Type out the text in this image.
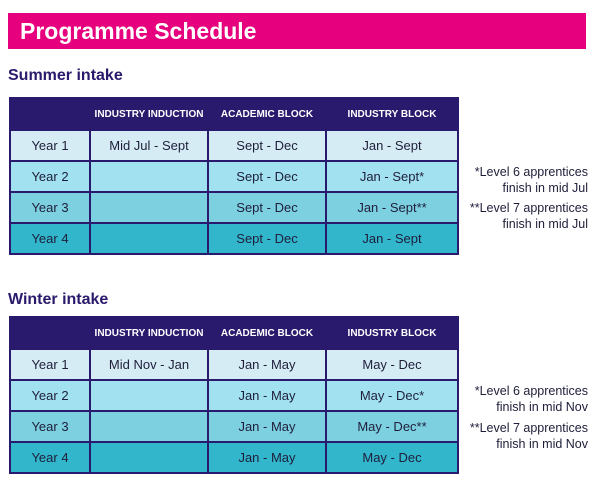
Programme Schedule
Summer intake
	INDUSTRY INDUCTION	ACADEMIC BLOCK	INDUSTRY BLOCK
Year 1	Mid Jul - Sept	Sept - Dec	Jan - Sept
Year 2		Sept - Dec	Jan - Sept*
Year 3		Sept - Dec	Jan - Sept**
Year 4		Sept - Dec	Jan - Sept
*Level 6 apprentices
finish in mid Jul
**Level 7 apprentices
finish in mid Jul
Winter intake
	INDUSTRY INDUCTION	ACADEMIC BLOCK	INDUSTRY BLOCK
Year 1	Mid Nov - Jan	Jan - May	May - Dec
Year 2		Jan - May	May - Dec*
Year 3		Jan - May	May - Dec**
Year 4		Jan - May	May - Dec
*Level 6 apprentices
finish in mid Nov
**Level 7 apprentices
finish in mid Nov
